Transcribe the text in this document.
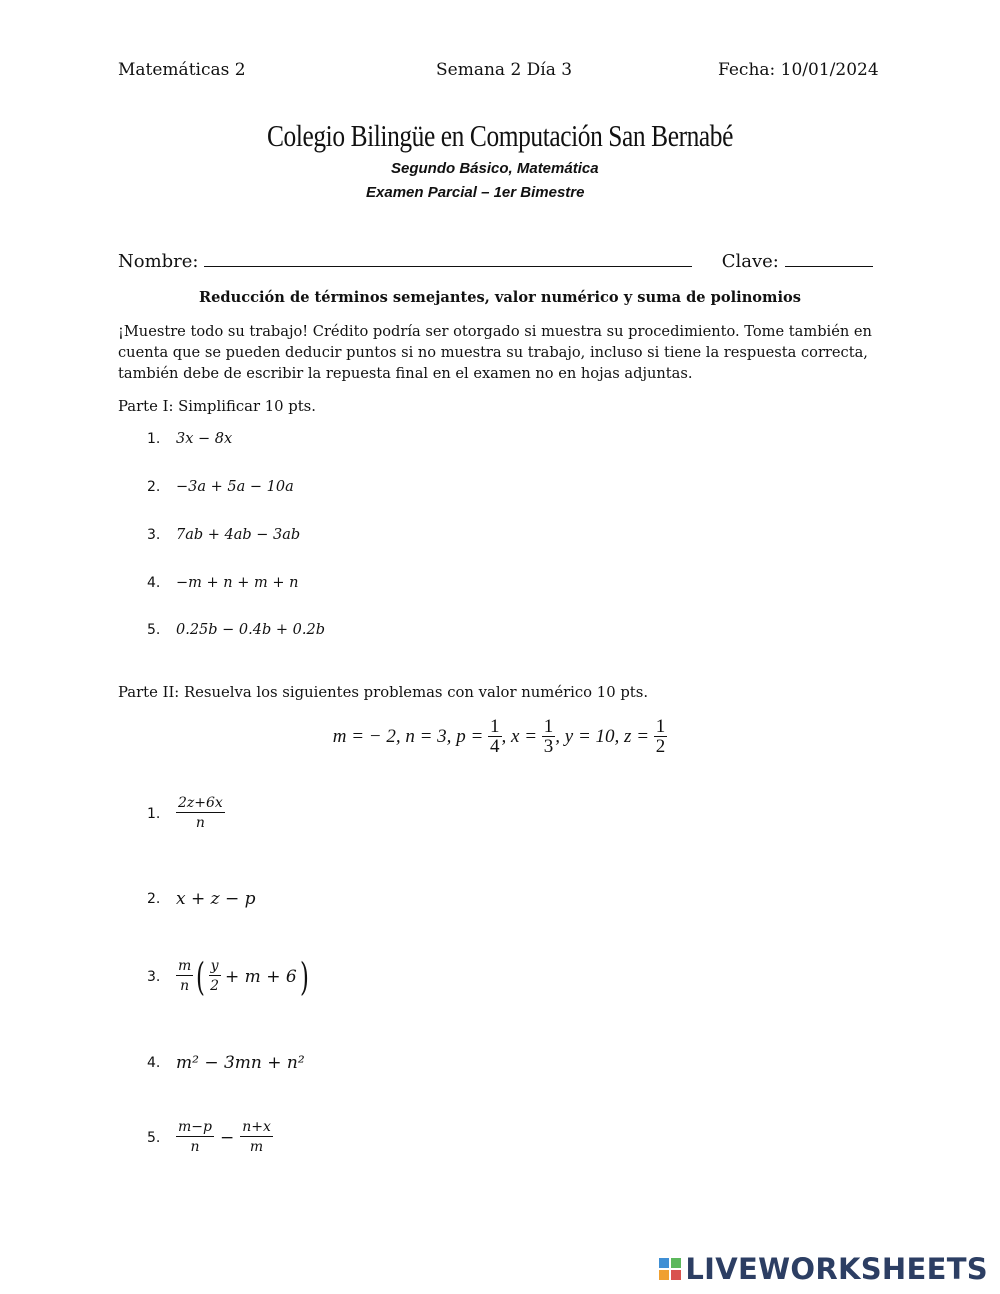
Matemáticas 2	Semana 2 Día 3	Fecha: 10/01/2024
Colegio Bilingüe en Computación San Bernabé
Segundo Básico, Matemática
Examen Parcial – 1er Bimestre
Nombre:	Clave:
Reducción de términos semejantes, valor numérico y suma de polinomios
¡Muestre todo su trabajo! Crédito podría ser otorgado si muestra su procedimiento. Tome también en cuenta que se pueden deducir puntos si no muestra su trabajo, incluso si tiene la respuesta correcta, también debe de escribir la repuesta final en el examen no en hojas adjuntas.
Parte I: Simplificar 10 pts.
1. 3x − 8x
2. −3a + 5a − 10a
3. 7ab + 4ab − 3ab
4. −m + n + m + n
5. 0.25b − 0.4b + 0.2b
Parte II: Resuelva los siguientes problemas con valor numérico 10 pts.
m = − 2, n = 3, $p = \frac{1}{4}$ , $x = \frac{1}{3}$ , y = 10, $z = \frac{1}{2}$
1.	$\frac{2z+6x}{n}$
2. x + z − p
3.	$\frac{m}{n}$ ( $\frac{y}{2} + m + 6$ )
4. m² − 3mn + n²
5.	$\frac{m-p}{n} - \frac{n+x}{m}$
LIVEWORKSHEETS
